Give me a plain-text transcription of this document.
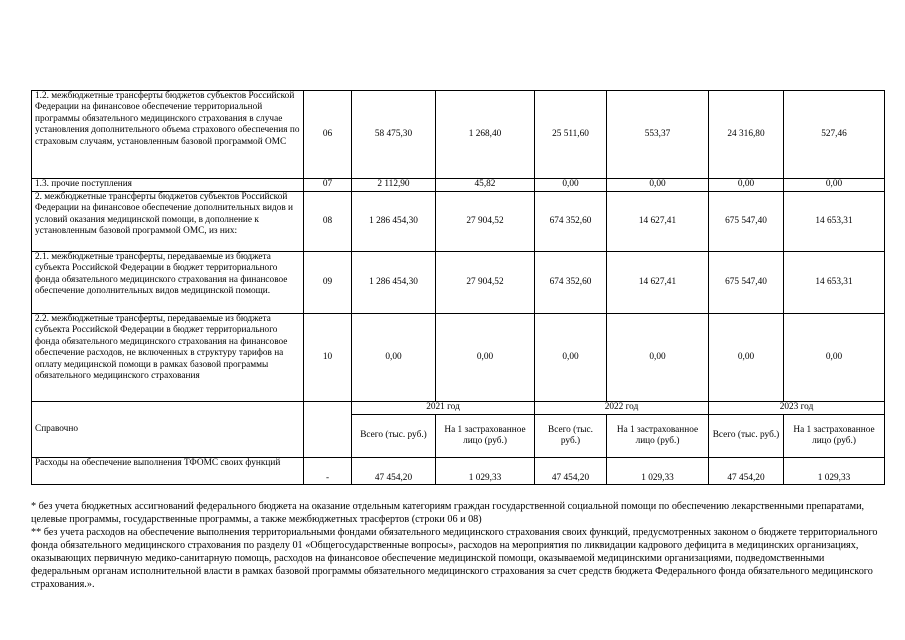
1.2. межбюджетные трансферты бюджетов субъектов Российской Федерации на финансовое обеспечение территориальной программы обязательного медицинского страхования в случае установления дополнительного объема страхового обеспечения по страховым случаям, установленным базовой программой ОМС	06	58 475,30	1 268,40	25 511,60	553,37	24 316,80	527,46
1.3. прочие поступления	07	2 112,90	45,82	0,00	0,00	0,00	0,00
2. межбюджетные трансферты бюджетов субъектов Российской Федерации на финансовое обеспечение дополнительных видов и условий оказания медицинской помощи, в дополнение к установленным базовой программой ОМС, из них:	08	1 286 454,30	27 904,52	674 352,60	14 627,41	675 547,40	14 653,31
2.1. межбюджетные трансферты, передаваемые из бюджета субъекта Российской Федерации в бюджет территориального фонда обязательного медицинского страхования на финансовое обеспечение дополнительных видов медицинской помощи.	09	1 286 454,30	27 904,52	674 352,60	14 627,41	675 547,40	14 653,31
2.2. межбюджетные трансферты, передаваемые из бюджета субъекта Российской Федерации в бюджет территориального фонда обязательного медицинского страхования на финансовое обеспечение расходов, не включенных в структуру тарифов на оплату медицинской помощи в рамках базовой программы обязательного медицинского страхования	10	0,00	0,00	0,00	0,00	0,00	0,00
Справочно		2021 год		2022 год		2023 год	
		Всего (тыс. руб.)	На 1 застрахованное лицо (руб.)	Всего (тыс. руб.)	На 1 застрахованное лицо (руб.)	Всего (тыс. руб.)	На 1 застрахованное лицо (руб.)
Расходы на обеспечение выполнения ТФОМС своих функций	-	47 454,20	1 029,33	47 454,20	1 029,33	47 454,20	1 029,33

* без учета бюджетных ассигнований федерального бюджета на оказание отдельным категориям граждан государственной социальной помощи по обеспечению лекарственными препаратами, целевые программы, государственные программы, а также межбюджетных трасфертов (строки 06 и 08)

** без учета расходов на обеспечение выполнения территориальными фондами обязательного медицинского страхования своих функций, предусмотренных законом о бюджете территориального фонда обязательного медицинского страхования по разделу 01 «Общегосударственные вопросы», расходов на мероприятия по ликвидации кадрового дефицита в медицинских организациях, оказывающих первичную медико-санитарную помощь, расходов на финансовое обеспечение медицинской помощи, оказываемой медицинскими организациями, подведомственными федеральным органам исполнительной власти в рамках базовой программы обязательного медицинского страхования за счет средств бюджета Федерального фонда обязательного медицинского страхования.».
